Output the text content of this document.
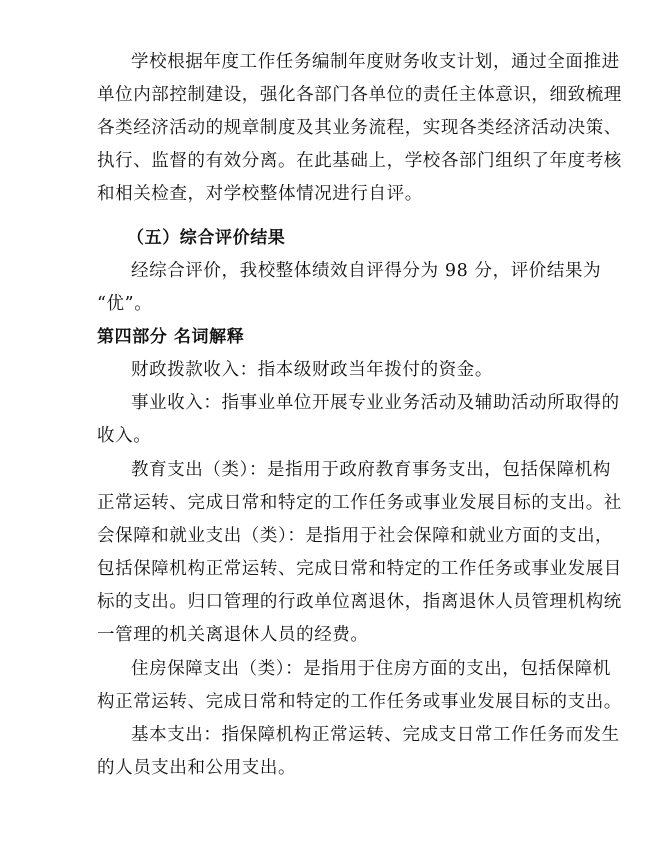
学校根据年度工作任务编制年度财务收支计划，通过全面推进
单位内部控制建设，强化各部门各单位的责任主体意识，细致梳理
各类经济活动的规章制度及其业务流程，实现各类经济活动决策、
执行、监督的有效分离。在此基础上，学校各部门组织了年度考核
和相关检查，对学校整体情况进行自评。
（五）综合评价结果
经综合评价，我校整体绩效自评得分为 98 分，评价结果为
“优”。
第四部分 名词解释
财政拨款收入：指本级财政当年拨付的资金。
事业收入：指事业单位开展专业业务活动及辅助活动所取得的
收入。
教育支出（类）：是指用于政府教育事务支出，包括保障机构
正常运转、完成日常和特定的工作任务或事业发展目标的支出。社
会保障和就业支出（类）：是指用于社会保障和就业方面的支出，
包括保障机构正常运转、完成日常和特定的工作任务或事业发展目
标的支出。归口管理的行政单位离退休，指离退休人员管理机构统
一管理的机关离退休人员的经费。
住房保障支出（类）：是指用于住房方面的支出，包括保障机
构正常运转、完成日常和特定的工作任务或事业发展目标的支出。
基本支出：指保障机构正常运转、完成支日常工作任务而发生
的人员支出和公用支出。
